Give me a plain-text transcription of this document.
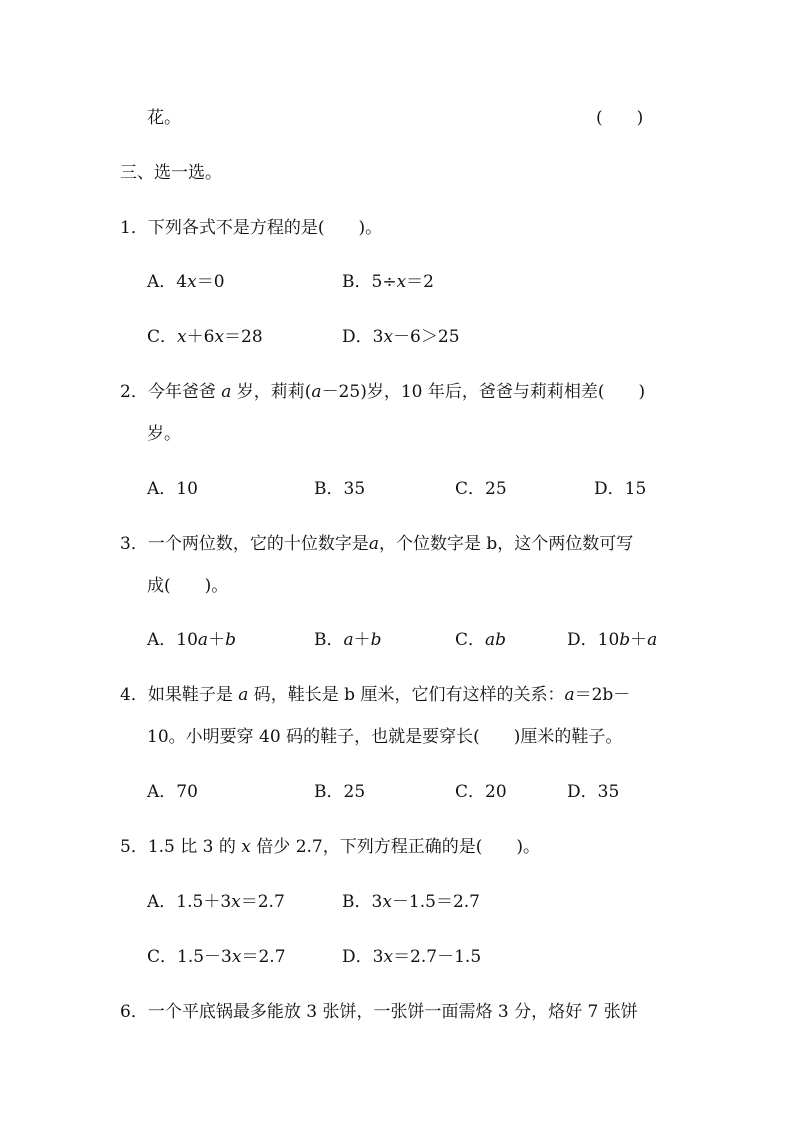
花。	(　　)
三、选一选。
1．下列各式不是方程的是(　　)。
A．4x＝0	B．5÷x＝2
C．x＋6x＝28	D．3x－6＞25
2．今年爸爸 a 岁，莉莉(a－25)岁，10 年后，爸爸与莉莉相差(　　)
岁。
A．10	B．35	C．25	D．15
3．一个两位数，它的十位数字是a，个位数字是 b，这个两位数可写
成(　　)。
A．10a＋b	B．a＋b	C．ab	D．10b＋a
4．如果鞋子是 a 码，鞋长是 b 厘米，它们有这样的关系：a＝2b－
10。小明要穿 40 码的鞋子，也就是要穿长(　　)厘米的鞋子。
A．70	B．25	C．20	D．35
5．1.5 比 3 的 x 倍少 2.7，下列方程正确的是(　　)。
A．1.5＋3x＝2.7	B．3x－1.5＝2.7
C．1.5－3x＝2.7	D．3x＝2.7－1.5
6．一个平底锅最多能放 3 张饼，一张饼一面需烙 3 分，烙好 7 张饼
